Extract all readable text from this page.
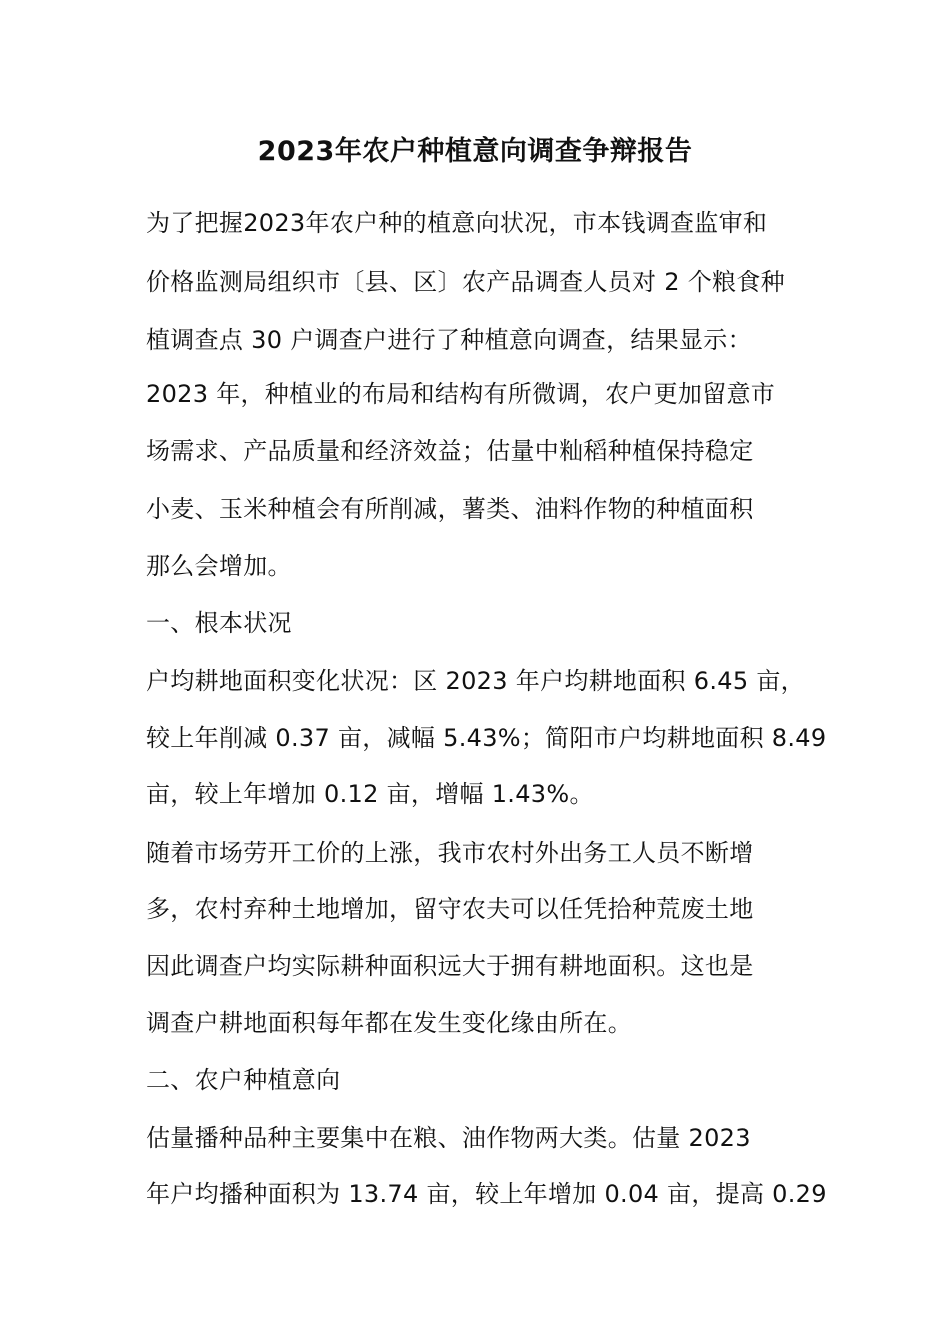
2023年农户种植意向调查争辩报告
为了把握2023年农户种的植意向状况，市本钱调查监审和
价格监测局组织市〔县、区〕农产品调查人员对 2 个粮食种
植调查点 30 户调查户进行了种植意向调查，结果显示：
2023 年，种植业的布局和结构有所微调，农户更加留意市
场需求、产品质量和经济效益；估量中籼稻种植保持稳定
小麦、玉米种植会有所削减，薯类、油料作物的种植面积
那么会增加。
一、根本状况
户均耕地面积变化状况：区 2023 年户均耕地面积 6.45 亩，
较上年削减 0.37 亩，减幅 5.43%；简阳市户均耕地面积 8.49
亩，较上年增加 0.12 亩，增幅 1.43%。
随着市场劳开工价的上涨，我市农村外出务工人员不断增
多，农村弃种土地增加，留守农夫可以任凭拾种荒废土地
因此调查户均实际耕种面积远大于拥有耕地面积。这也是
调查户耕地面积每年都在发生变化缘由所在。
二、农户种植意向
估量播种品种主要集中在粮、油作物两大类。估量 2023
年户均播种面积为 13.74 亩，较上年增加 0.04 亩，提高 0.29
